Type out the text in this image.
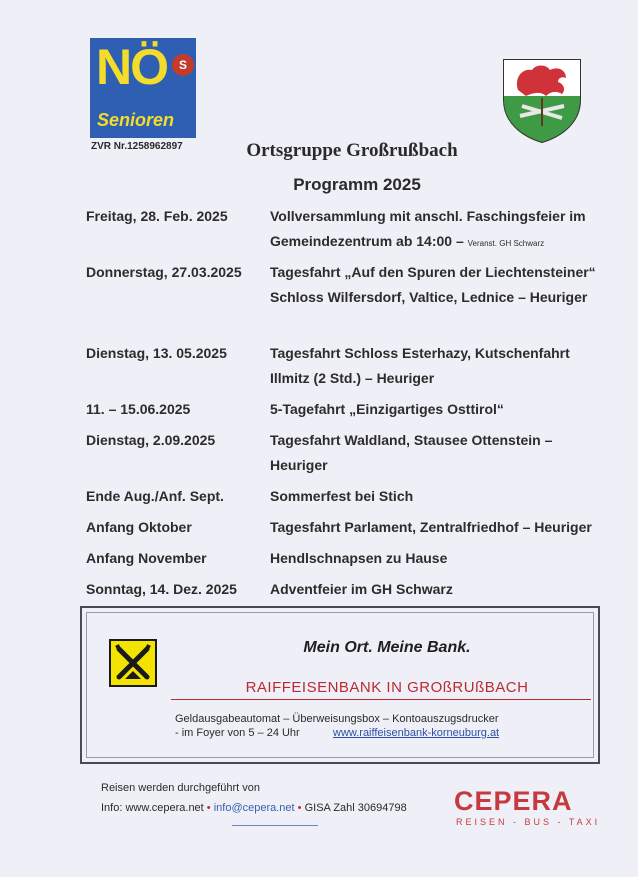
NÖ S
Senioren
ZVR Nr.1258962897	Ortsgruppe Großrußbach
Programm 2025
Freitag, 28. Feb. 2025	Vollversammlung mit anschl. Faschingsfeier im Gemeindezentrum ab 14:00 – Veranst. GH Schwarz
Donnerstag, 27.03.2025	Tagesfahrt „Auf den Spuren der Liechtensteiner“ Schloss Wilfersdorf, Valtice, Lednice – Heuriger
Dienstag, 13. 05.2025	Tagesfahrt Schloss Esterhazy, Kutschenfahrt Illmitz (2 Std.) – Heuriger
11. – 15.06.2025	5-Tagefahrt „Einzigartiges Osttirol“
Dienstag, 2.09.2025	Tagesfahrt Waldland, Stausee Ottenstein – Heuriger
Ende Aug./Anf. Sept.	Sommerfest bei Stich
Anfang Oktober	Tagesfahrt Parlament, Zentralfriedhof – Heuriger
Anfang November	Hendlschnapsen zu Hause
Sonntag, 14. Dez. 2025	Adventfeier im GH Schwarz
Mein Ort. Meine Bank.
RAIFFEISENBANK IN GROßRUßBACH
Geldausgabeautomat – Überweisungsbox – Kontoauszugsdrucker
- im Foyer von 5 – 24 Uhr	www.raiffeisenbank-korneuburg.at
Reisen werden durchgeführt von
Info: www.cepera.net • info@cepera.net • GISA Zahl 30694798 CEPERA
REISEN - BUS - TAXI
